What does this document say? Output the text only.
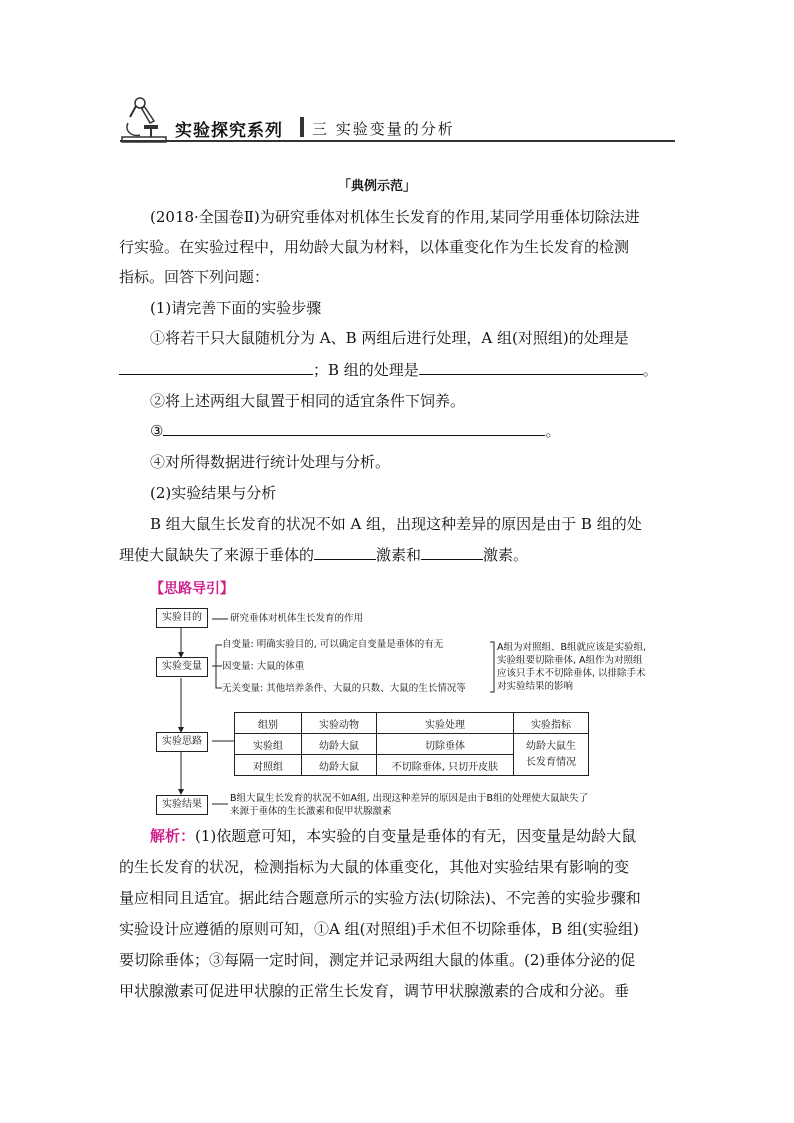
实验探究系列 三 实验变量的分析
「典例示范」
(2018·全国卷Ⅱ)为研究垂体对机体生长发育的作用,某同学用垂体切除法进
行实验。在实验过程中，用幼龄大鼠为材料，以体重变化作为生长发育的检测
指标。回答下列问题：
(1)请完善下面的实验步骤
①将若干只大鼠随机分为 A、B 两组后进行处理，A 组(对照组)的处理是
；B 组的处理是	。
②将上述两组大鼠置于相同的适宜条件下饲养。
③	。
④对所得数据进行统计处理与分析。
(2)实验结果与分析
B 组大鼠生长发育的状况不如 A 组，出现这种差异的原因是由于 B 组的处
理使大鼠缺失了来源于垂体的	激素和	激素。
【思路导引】
实验目的
实验变量
实验思路
实验结果
研究垂体对机体生长发育的作用
自变量: 明确实验目的, 可以确定自变量是垂体的有无
因变量: 大鼠的体重
无关变量: 其他培养条件、大鼠的只数、大鼠的生长情况等
A组为对照组、B组就应该是实验组,
实验组要切除垂体, A组作为对照组
应该只手术不切除垂体, 以排除手术
对实验结果的影响
组别	实验动物	实验处理	实验指标
实验组	幼龄大鼠	切除垂体	幼龄大鼠生
长发育情况

对照组	幼龄大鼠	不切除垂体, 只切开皮肤	
B组大鼠生长发育的状况不如A组, 出现这种差异的原因是由于B组的处理使大鼠缺失了
来源于垂体的生长激素和促甲状腺激素
解析：(1)依题意可知，本实验的自变量是垂体的有无，因变量是幼龄大鼠
的生长发育的状况，检测指标为大鼠的体重变化，其他对实验结果有影响的变
量应相同且适宜。据此结合题意所示的实验方法(切除法)、不完善的实验步骤和
实验设计应遵循的原则可知，①A 组(对照组)手术但不切除垂体，B 组(实验组)
要切除垂体；③每隔一定时间，测定并记录两组大鼠的体重。(2)垂体分泌的促
甲状腺激素可促进甲状腺的正常生长发育，调节甲状腺激素的合成和分泌。垂
